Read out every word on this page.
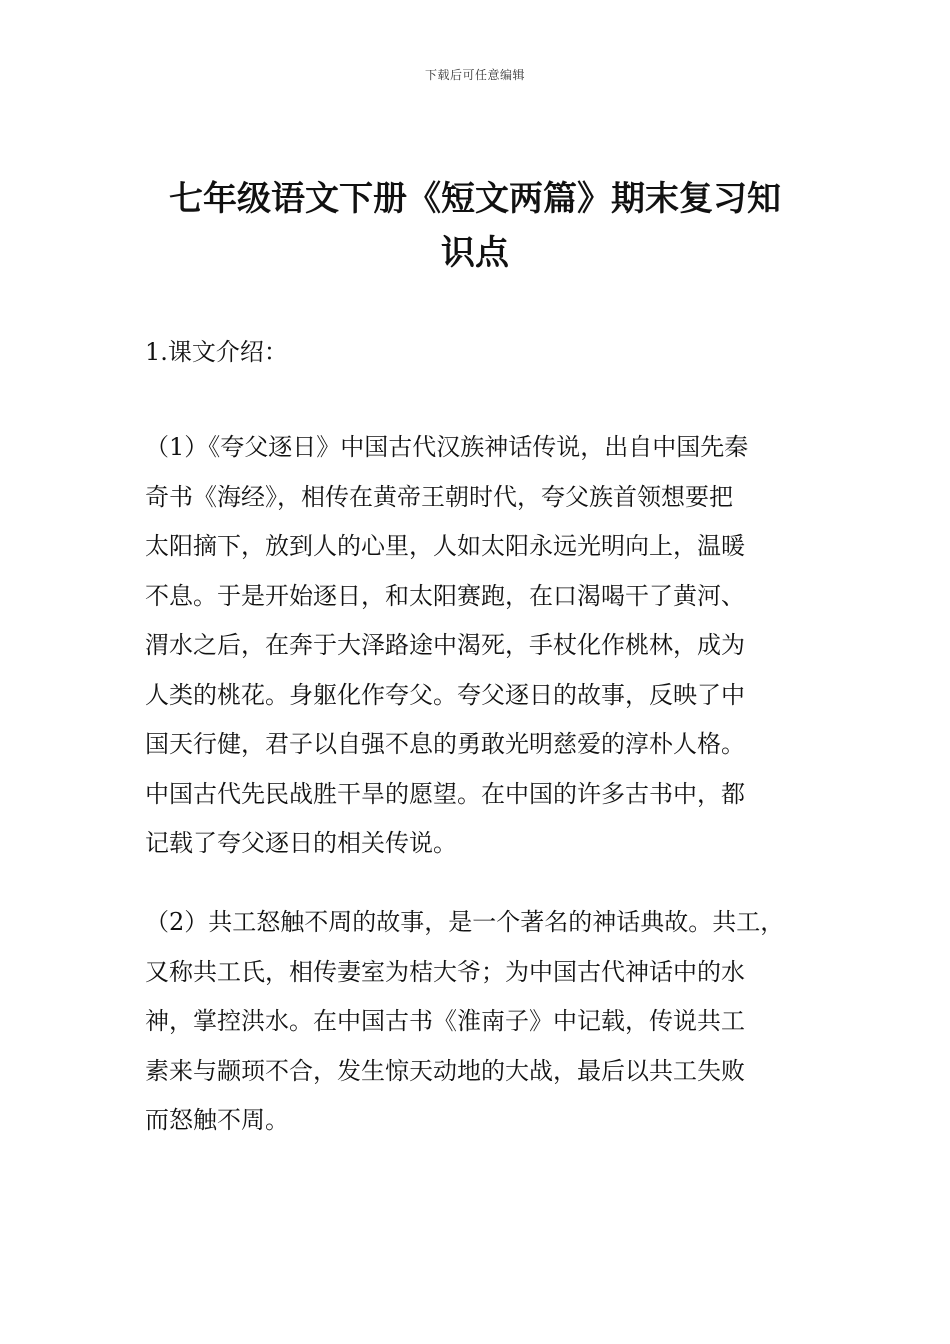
下载后可任意编辑
七年级语文下册《短文两篇》期末复习知
识点
1.课文介绍：
（1）《夸父逐日》中国古代汉族神话传说，出自中国先秦
奇书《海经》，相传在黄帝王朝时代，夸父族首领想要把
太阳摘下，放到人的心里，人如太阳永远光明向上，温暖
不息。于是开始逐日，和太阳赛跑，在口渴喝干了黄河、
渭水之后，在奔于大泽路途中渴死，手杖化作桃林，成为
人类的桃花。身躯化作夸父。夸父逐日的故事，反映了中
国天行健，君子以自强不息的勇敢光明慈爱的淳朴人格。
中国古代先民战胜干旱的愿望。在中国的许多古书中，都
记载了夸父逐日的相关传说。
（2）共工怒触不周的故事，是一个著名的神话典故。共工，
又称共工氏，相传妻室为桔大爷；为中国古代神话中的水
神，掌控洪水。在中国古书《淮南子》中记载，传说共工
素来与颛顼不合，发生惊天动地的大战，最后以共工失败
而怒触不周。
